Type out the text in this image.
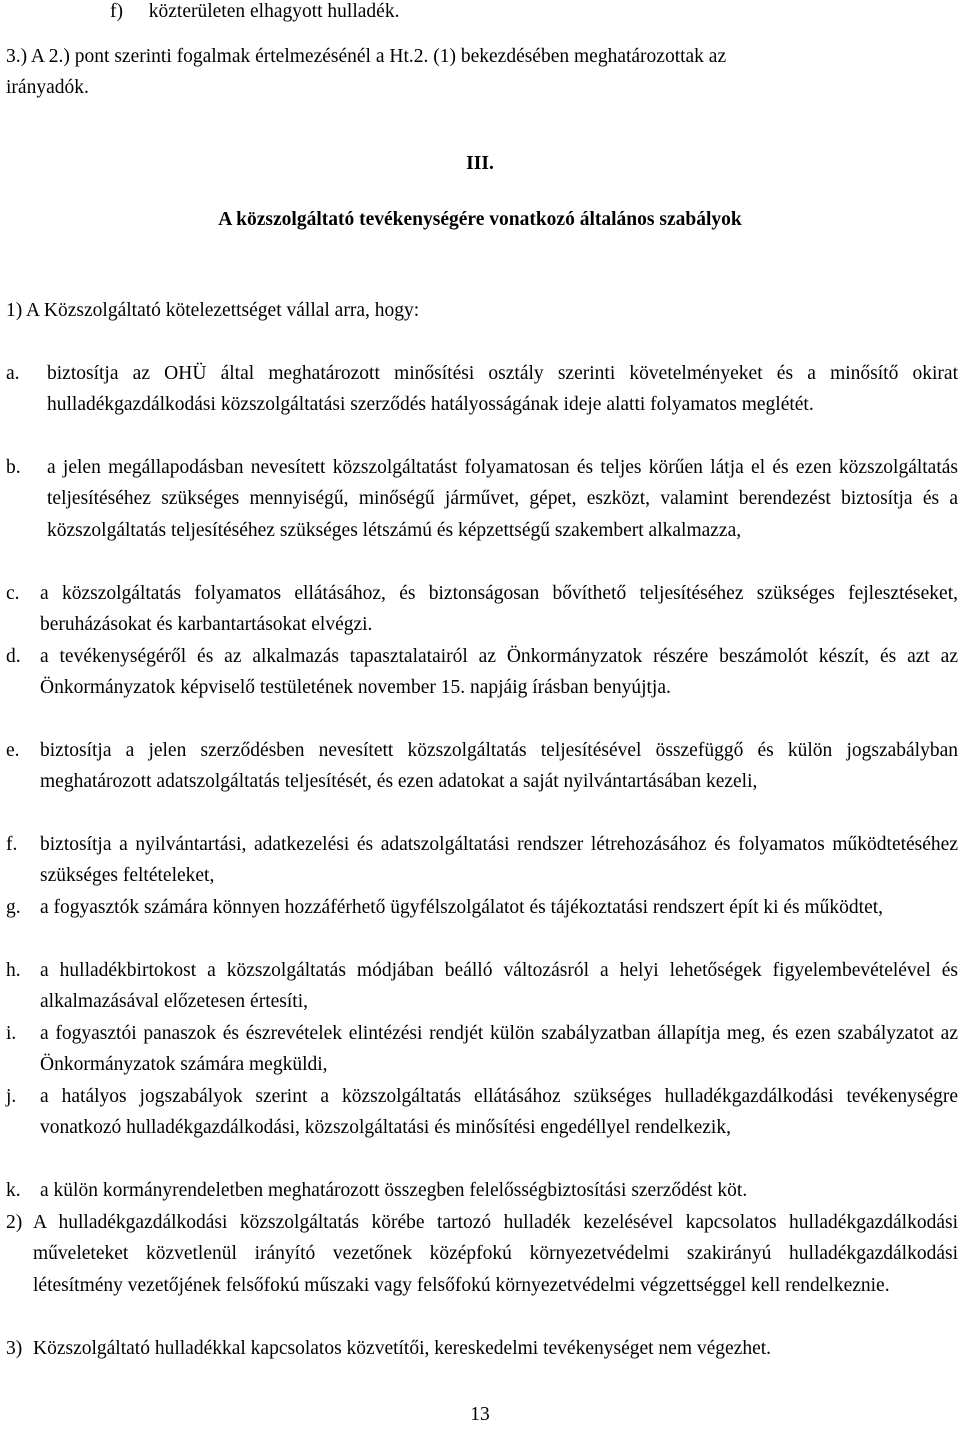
f) közterületen elhagyott hulladék.
3.) A 2.) pont szerinti fogalmak értelmezésénél a Ht.2. (1) bekezdésében meghatározottak az
irányadók.
III.
A közszolgáltató tevékenységére vonatkozó általános szabályok
1) A Közszolgáltató kötelezettséget vállal arra, hogy:
a. biztosítja az OHÜ által meghatározott minősítési osztály szerinti követelményeket és a minősítő okirat hulladékgazdálkodási közszolgáltatási szerződés hatályosságának ideje alatti folyamatos meglétét.
b. a jelen megállapodásban nevesített közszolgáltatást folyamatosan és teljes körűen látja el és ezen közszolgáltatás teljesítéséhez szükséges mennyiségű, minőségű járművet, gépet, eszközt, valamint berendezést biztosítja és a közszolgáltatás teljesítéséhez szükséges létszámú és képzettségű szakembert alkalmazza,
c. a közszolgáltatás folyamatos ellátásához, és biztonságosan bővíthető teljesítéséhez szükséges fejlesztéseket, beruházásokat és karbantartásokat elvégzi.
d. a tevékenységéről és az alkalmazás tapasztalatairól az Önkormányzatok részére beszámolót készít, és azt az Önkormányzatok képviselő testületének november 15. napjáig írásban benyújtja.
e. biztosítja a jelen szerződésben nevesített közszolgáltatás teljesítésével összefüggő és külön jogszabályban meghatározott adatszolgáltatás teljesítését, és ezen adatokat a saját nyilvántartásában kezeli,
f. biztosítja a nyilvántartási, adatkezelési és adatszolgáltatási rendszer létrehozásához és folyamatos működtetéséhez szükséges feltételeket,
g. a fogyasztók számára könnyen hozzáférhető ügyfélszolgálatot és tájékoztatási rendszert épít ki és működtet,
h. a hulladékbirtokost a közszolgáltatás módjában beálló változásról a helyi lehetőségek figyelembevételével és alkalmazásával előzetesen értesíti,
i. a fogyasztói panaszok és észrevételek elintézési rendjét külön szabályzatban állapítja meg, és ezen szabályzatot az Önkormányzatok számára megküldi,
j. a hatályos jogszabályok szerint a közszolgáltatás ellátásához szükséges hulladékgazdálkodási tevékenységre vonatkozó hulladékgazdálkodási, közszolgáltatási és minősítési engedéllyel rendelkezik,
k. a külön kormányrendeletben meghatározott összegben felelősségbiztosítási szerződést köt.
2) A hulladékgazdálkodási közszolgáltatás körébe tartozó hulladék kezelésével kapcsolatos hulladékgazdálkodási műveleteket közvetlenül irányító vezetőnek középfokú környezetvédelmi szakirányú hulladékgazdálkodási létesítmény vezetőjének felsőfokú műszaki vagy felsőfokú környezetvédelmi végzettséggel kell rendelkeznie.
3) Közszolgáltató hulladékkal kapcsolatos közvetítői, kereskedelmi tevékenységet nem végezhet.
13
